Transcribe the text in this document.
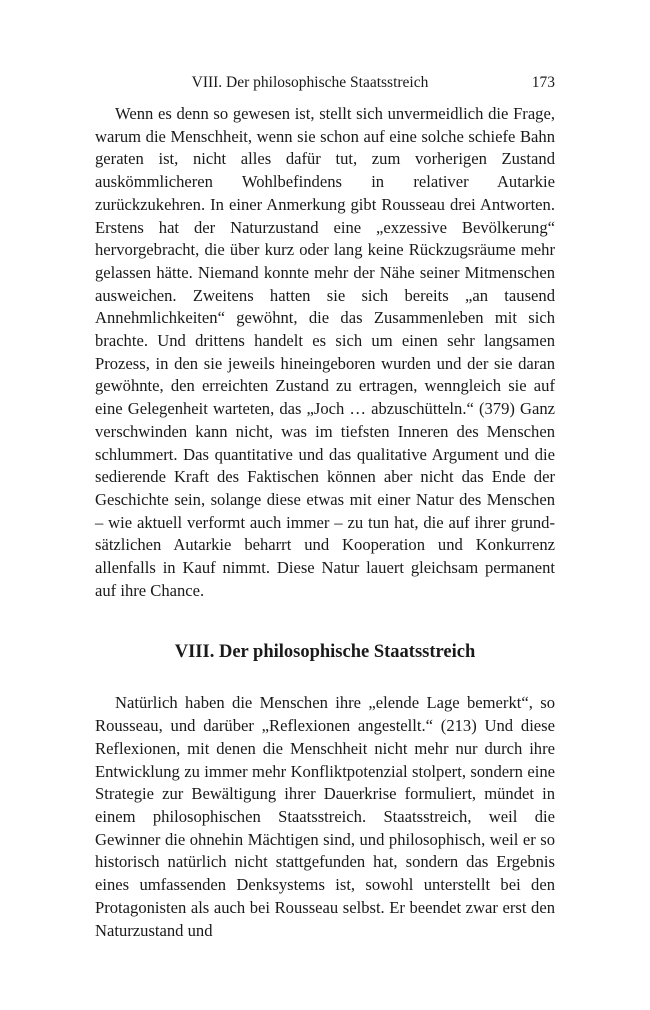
VIII. Der philosophische Staatsstreich	173

Wenn es denn so gewesen ist, stellt sich unvermeidlich die Frage, warum die Menschheit, wenn sie schon auf eine solche schiefe Bahn geraten ist, nicht alles dafür tut, zum vorherigen Zustand auskömmlicheren Wohlbefindens in relativer Autarkie zurückzukehren. In einer Anmerkung gibt Rousseau drei Antworten. Erstens hat der Naturzustand eine „exzessive Bevölkerung“ hervorgebracht, die über kurz oder lang keine Rückzugsräume mehr gelassen hätte. Niemand konnte mehr der Nähe seiner Mitmenschen ausweichen. Zweitens hatten sie sich bereits „an tausend Annehmlichkeiten“ gewöhnt, die das Zusammenleben mit sich brachte. Und drittens handelt es sich um einen sehr langsamen Prozess, in den sie jeweils hineingeboren wurden und der sie daran gewöhnte, den erreichten Zustand zu ertragen, wenngleich sie auf eine Gelegenheit warteten, das „Joch … abzuschütteln.“ (379) Ganz verschwinden kann nicht, was im tiefsten Inneren des Menschen schlummert. Das quantitative und das qualitative Argument und die sedierende Kraft des Faktischen können aber nicht das Ende der Geschichte sein, solange diese etwas mit einer Natur des Menschen – wie aktuell verformt auch immer – zu tun hat, die auf ihrer grundsätzlichen Autarkie beharrt und Kooperation und Konkurrenz allenfalls in Kauf nimmt. Diese Natur lauert gleichsam permanent auf ihre Chance.

VIII. Der philosophische Staatsstreich

Natürlich haben die Menschen ihre „elende Lage bemerkt“, so Rousseau, und darüber „Reflexionen angestellt.“ (213) Und diese Reflexionen, mit denen die Menschheit nicht mehr nur durch ihre Entwicklung zu immer mehr Konfliktpotenzial stolpert, sondern eine Strategie zur Bewältigung ihrer Dauerkrise formuliert, mündet in einem philosophischen Staatsstreich. Staatsstreich, weil die Gewinner die ohnehin Mächtigen sind, und philosophisch, weil er so historisch natürlich nicht stattgefunden hat, sondern das Ergebnis eines umfassenden Denksystems ist, sowohl unterstellt bei den Protagonisten als auch bei Rousseau selbst. Er beendet zwar erst den Naturzustand und
